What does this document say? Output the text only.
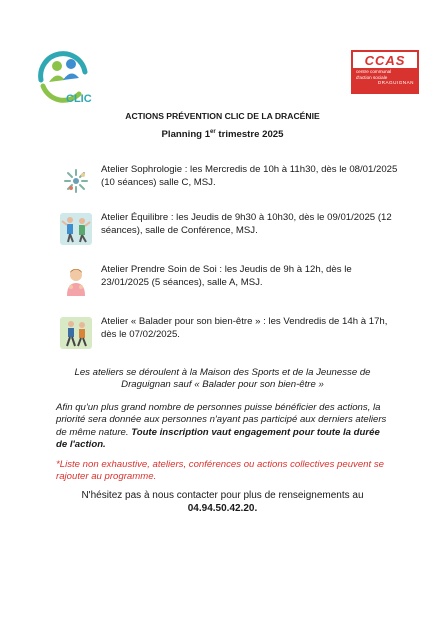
CLIC
CCAS
centre communal
d'action sociale
DRAGUIGNAN
ACTIONS PRÉVENTION CLIC DE LA DRACÉNIE
Planning 1er trimestre 2025
Atelier Sophrologie : les Mercredis de 10h à 11h30, dès le 08/01/2025 (10 séances) salle C, MSJ.
Atelier Équilibre : les Jeudis de 9h30 à 10h30, dès le 09/01/2025 (12 séances), salle de Conférence, MSJ.
Atelier Prendre Soin de Soi : les Jeudis de 9h à 12h, dès le 23/01/2025 (5 séances), salle A, MSJ.
Atelier « Balader pour son bien-être » : les Vendredis de 14h à 17h, dès le 07/02/2025.
Les ateliers se déroulent à la Maison des Sports et de la Jeunesse de Draguignan sauf « Balader pour son bien-être »
Afin qu'un plus grand nombre de personnes puisse bénéficier des actions, la priorité sera donnée aux personnes n'ayant pas participé aux derniers ateliers de même nature. Toute inscription vaut engagement pour toute la durée de l'action.
*Liste non exhaustive, ateliers, conférences ou actions collectives peuvent se rajouter au programme.
N'hésitez pas à nous contacter pour plus de renseignements au
04.94.50.42.20.
